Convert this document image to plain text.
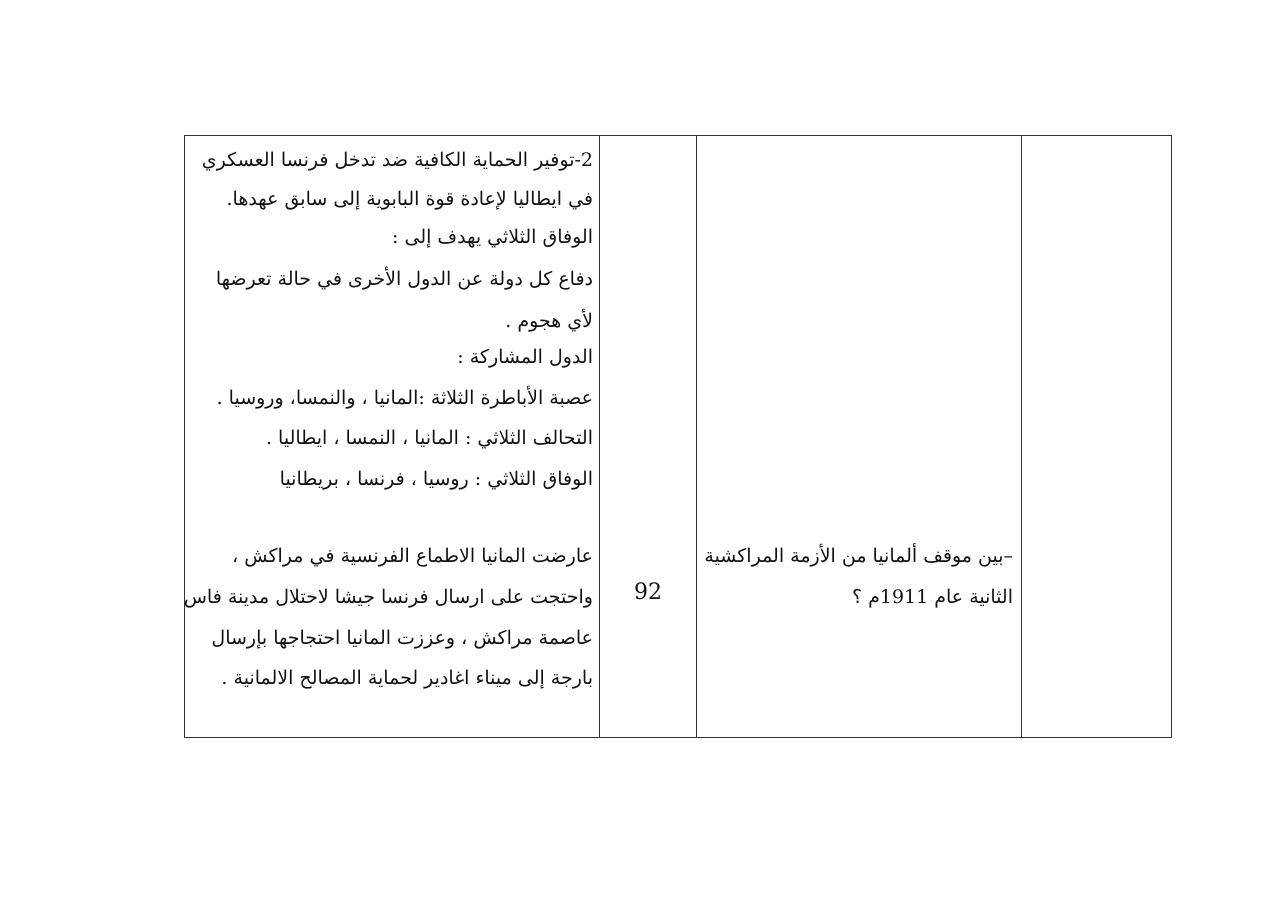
2-توفير الحماية الكافية ضد تدخل فرنسا العسكري
في ايطاليا لإعادة قوة البابوية إلى سابق عهدها.
الوفاق الثلاثي يهدف إلى :
دفاع كل دولة عن الدول الأخرى في حالة تعرضها
لأي هجوم .
الدول المشاركة :
عصبة الأباطرة الثلاثة :المانيا ، والنمسا، وروسيا .
التحالف الثلاثي : المانيا ، النمسا ، ايطاليا .
الوفاق الثلاثي : روسيا ، فرنسا ، بريطانيا
عارضت المانيا الاطماع الفرنسية في مراكش ،
واحتجت على ارسال فرنسا جيشا لاحتلال مدينة فاس
عاصمة مراكش ، وعززت المانيا احتجاجها بإرسال
بارجة إلى ميناء اغادير لحماية المصالح الالمانية .
92
–بين موقف ألمانيا من الأزمة المراكشية
الثانية عام 1911م ؟
